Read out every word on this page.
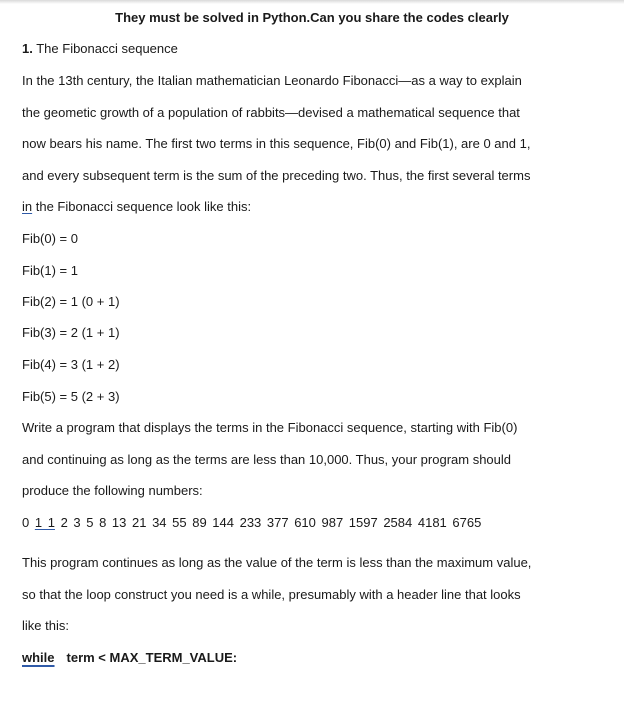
They must be solved in Python.Can you share the codes clearly
1. The Fibonacci sequence
In the 13th century, the Italian mathematician Leonardo Fibonacci—as a way to explain
the geometic growth of a population of rabbits—devised a mathematical sequence that
now bears his name. The first two terms in this sequence, Fib(0) and Fib(1), are 0 and 1,
and every subsequent term is the sum of the preceding two. Thus, the first several terms
in the Fibonacci sequence look like this:
Fib(0) = 0
Fib(1) = 1
Fib(2) = 1 (0 + 1)
Fib(3) = 2 (1 + 1)
Fib(4) = 3 (1 + 2)
Fib(5) = 5 (2 + 3)
Write a program that displays the terms in the Fibonacci sequence, starting with Fib(0)
and continuing as long as the terms are less than 10,000. Thus, your program should
produce the following numbers:
0 1 1 2 3 5 8 13 21 34 55 89 144 233 377 610 987 1597 2584 4181 6765
This program continues as long as the value of the term is less than the maximum value,
so that the loop construct you need is a while, presumably with a header line that looks
like this:
while term < MAX_TERM_VALUE:
